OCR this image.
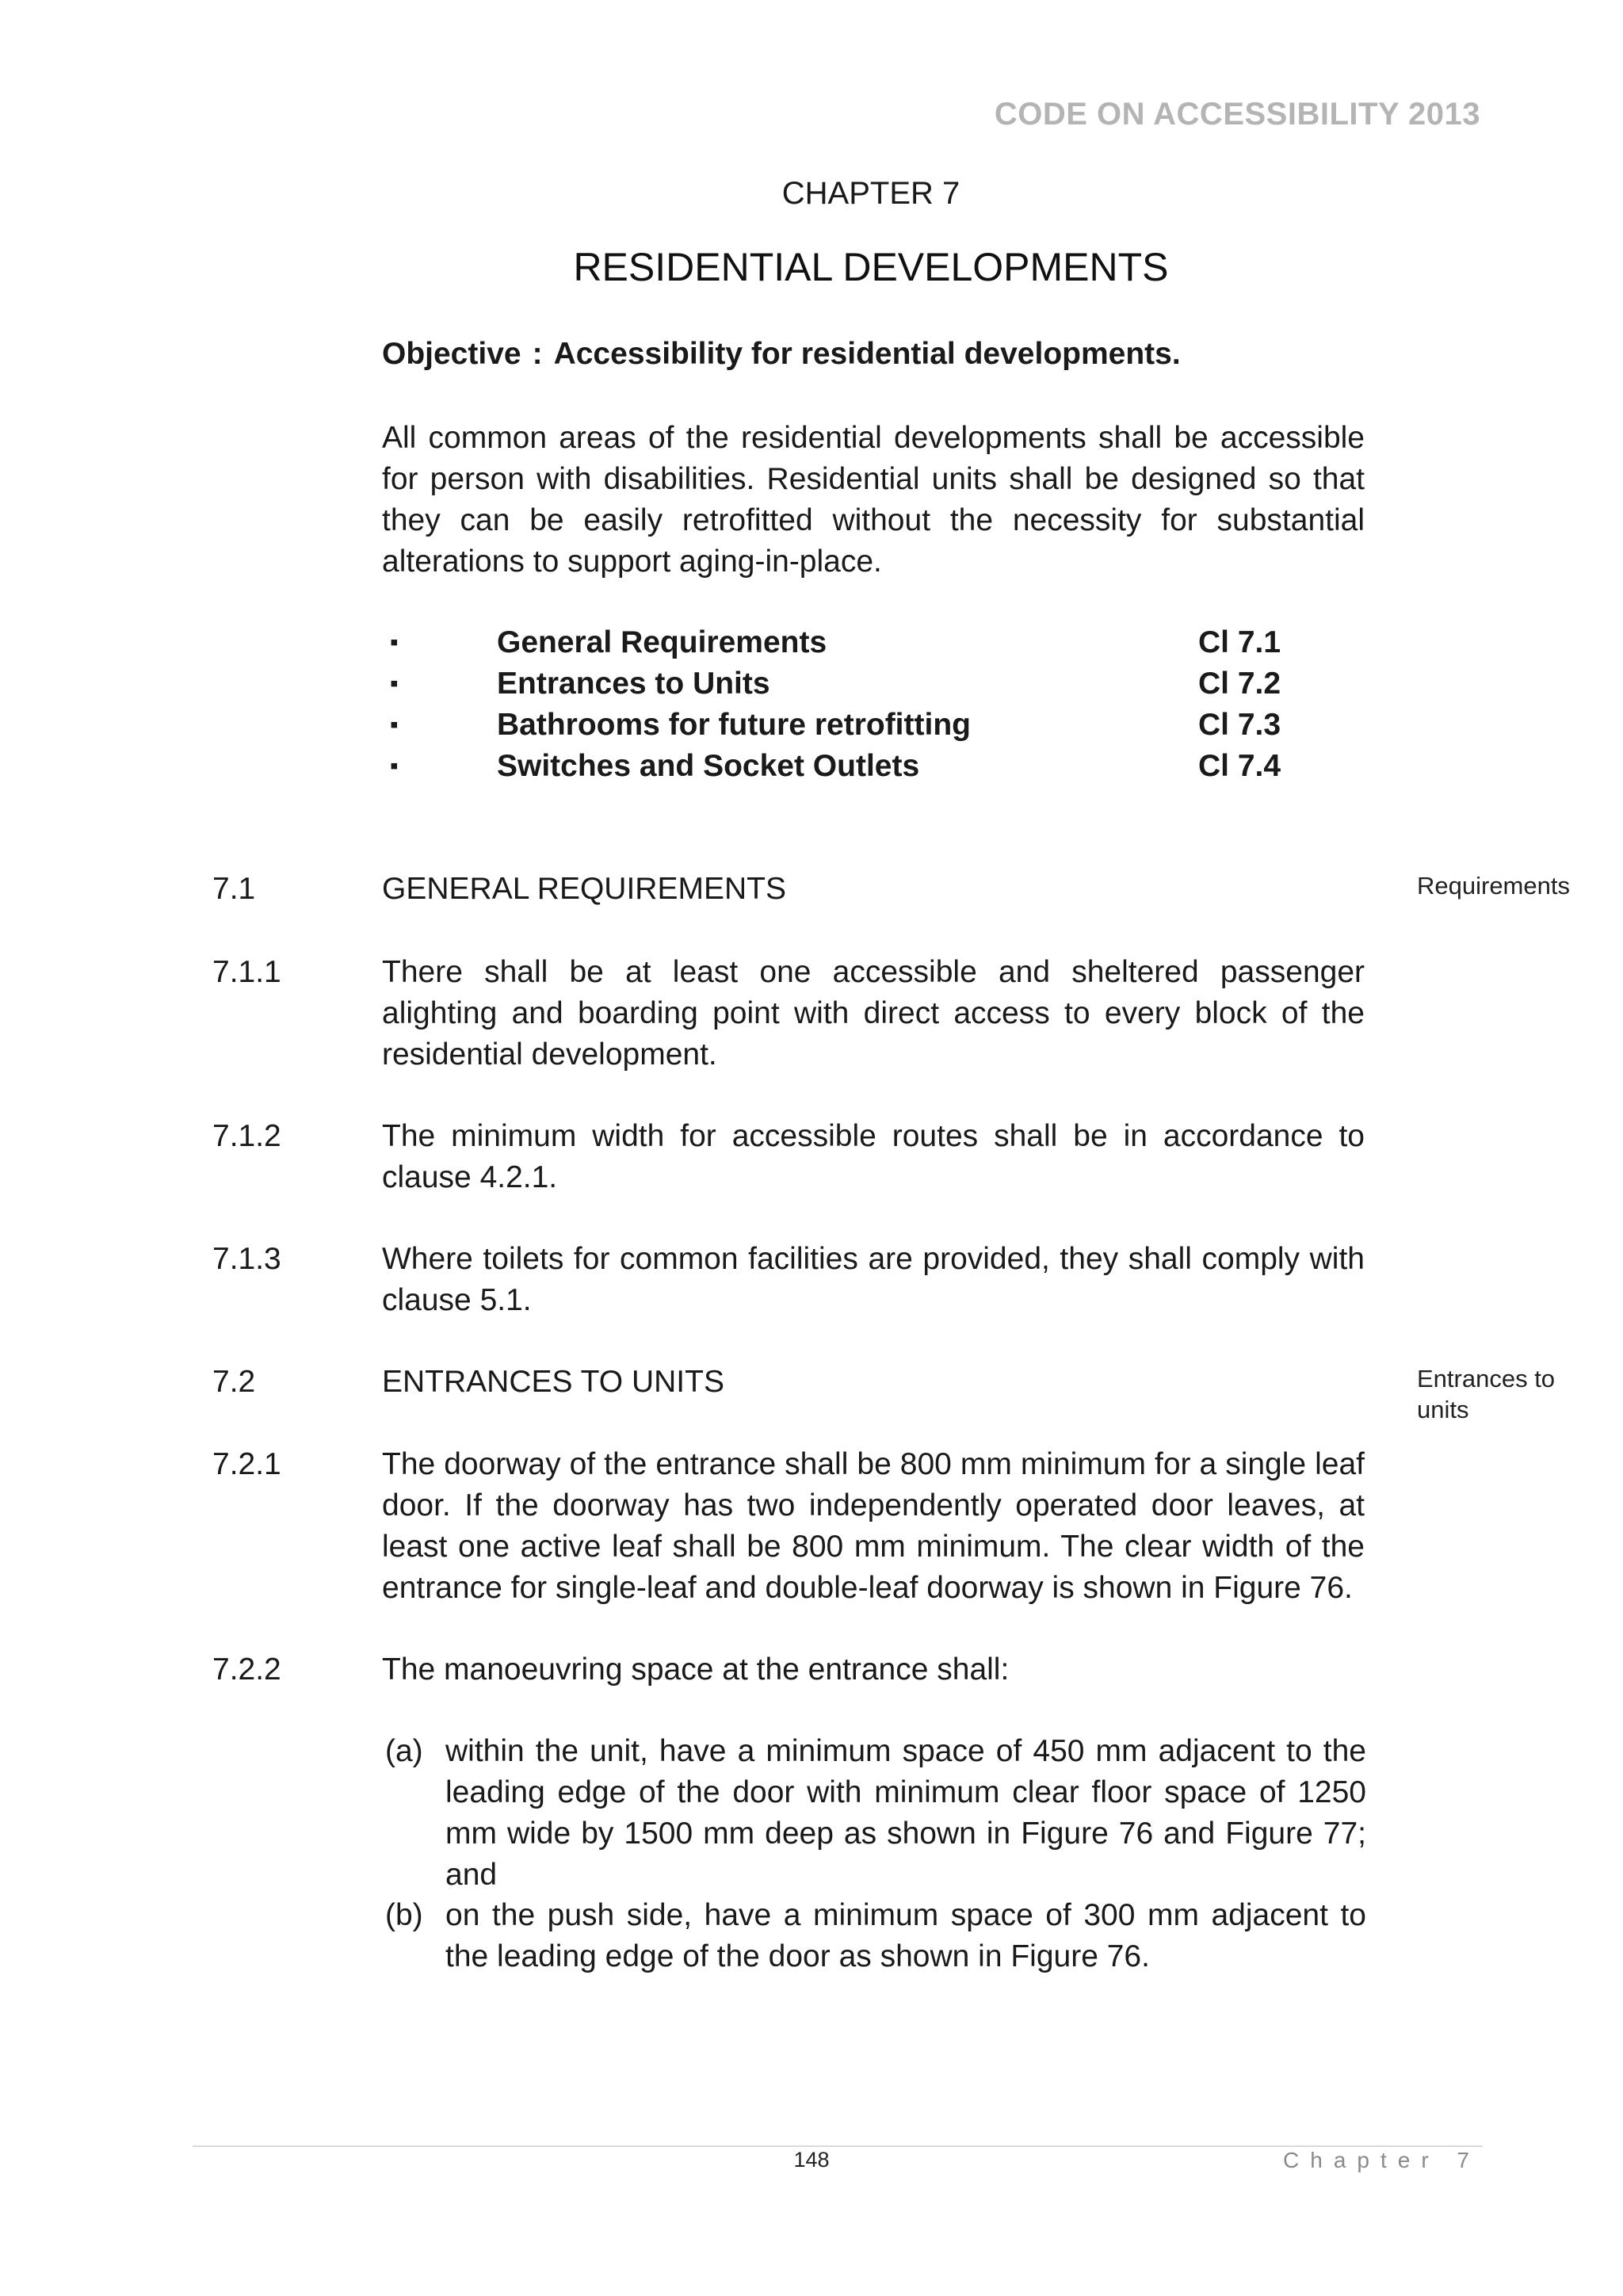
CODE ON ACCESSIBILITY 2013
CHAPTER 7
RESIDENTIAL DEVELOPMENTS
Objective : Accessibility for residential developments.
All common areas of the residential developments shall be accessible for person with disabilities. Residential units shall be designed so that they can be easily retrofitted without the necessity for substantial alterations to support aging-in-place.
▪	General Requirements	Cl 7.1
▪	Entrances to Units	Cl 7.2
▪	Bathrooms for future retrofitting	Cl 7.3
▪	Switches and Socket Outlets	Cl 7.4
7.1	GENERAL REQUIREMENTS	Requirements
7.1.1	There shall be at least one accessible and sheltered passenger alighting and boarding point with direct access to every block of the residential development.
7.1.2	The minimum width for accessible routes shall be in accordance to clause 4.2.1.
7.1.3	Where toilets for common facilities are provided, they shall comply with clause 5.1.
7.2	ENTRANCES TO UNITS	Entrances to units
7.2.1	The doorway of the entrance shall be 800 mm minimum for a single leaf door. If the doorway has two independently operated door leaves, at least one active leaf shall be 800 mm minimum. The clear width of the entrance for single-leaf and double-leaf doorway is shown in Figure 76.
7.2.2	The manoeuvring space at the entrance shall:
(a) within the unit, have a minimum space of 450 mm adjacent to the leading edge of the door with minimum clear floor space of 1250 mm wide by 1500 mm deep as shown in Figure 76 and Figure 77; and
(b) on the push side, have a minimum space of 300 mm adjacent to the leading edge of the door as shown in Figure 76.
148	Chapter 7
